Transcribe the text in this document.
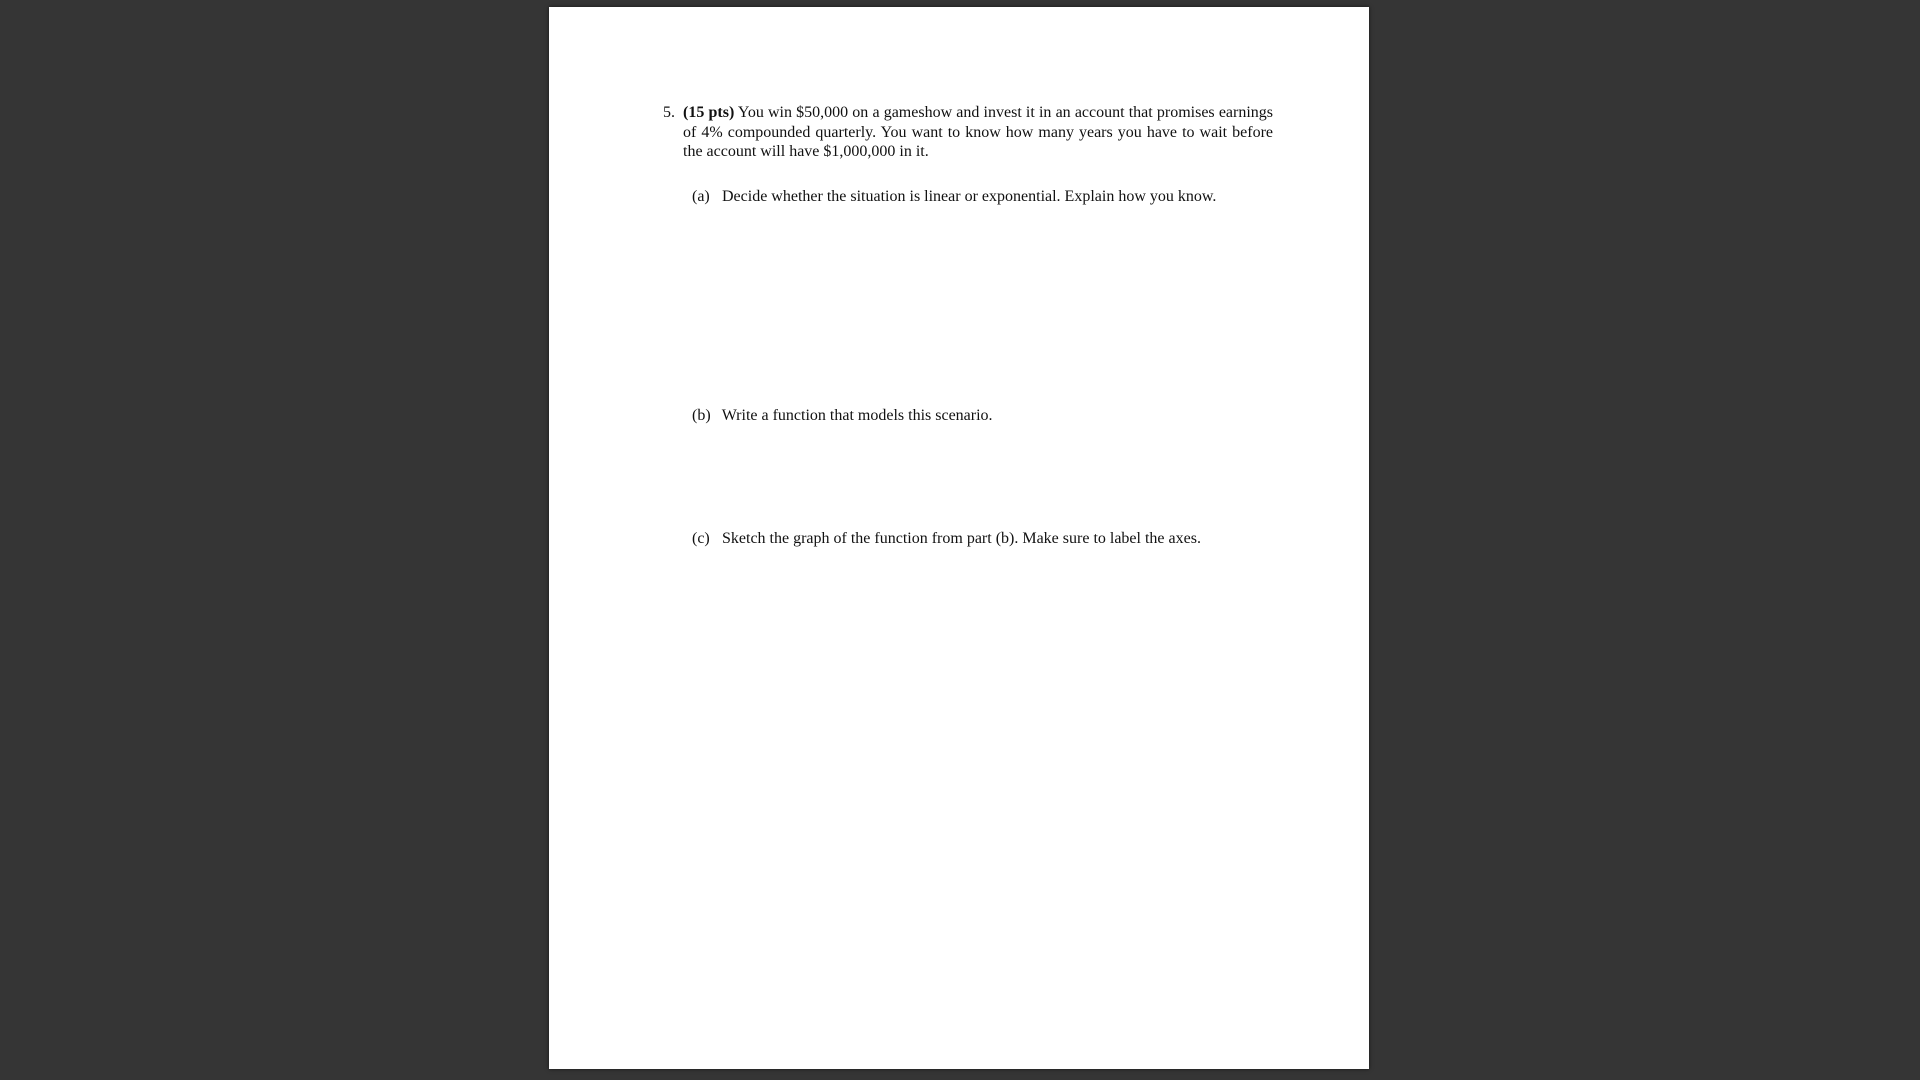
5. (15 pts) You win $50,000 on a gameshow and invest it in an account that promises earnings of 4% compounded quarterly. You want to know how many years you have to wait before the account will have $1,000,000 in it.
(a) Decide whether the situation is linear or exponential. Explain how you know.
(b) Write a function that models this scenario.
(c) Sketch the graph of the function from part (b). Make sure to label the axes.
